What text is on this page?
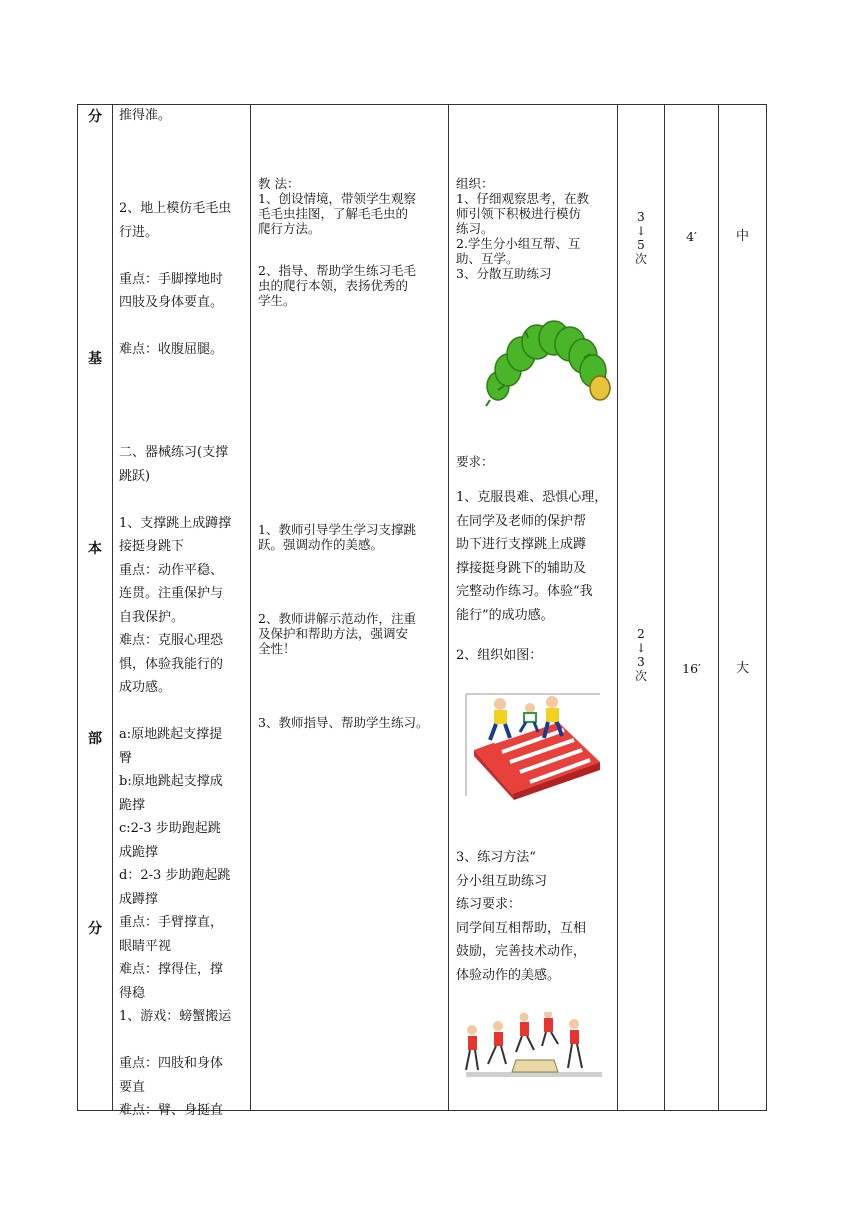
分
基
本
部
分
推得准。
2、地上模仿毛毛虫
行进。

重点：手脚撑地时
四肢及身体要直。

难点：收腹屈腿。
二、器械练习(支撑
跳跃)

1、支撑跳上成蹲撑
接挺身跳下
重点：动作平稳、
连贯。注重保护与
自我保护。
难点：克服心理恐
惧，体验我能行的
成功感。

a:原地跳起支撑提
臀
b:原地跳起支撑成
跪撑
c:2-3 步助跑起跳
成跪撑
d：2-3 步助跑起跳
成蹲撑
重点：手臂撑直，
眼睛平视
难点：撑得住，撑
得稳
1、游戏：螃蟹搬运

重点：四肢和身体
要直
难点：臂、身挺直
教 法：
1、创设情境，带领学生观察
毛毛虫挂图，了解毛毛虫的
爬行方法。
2、指导、帮助学生练习毛毛
虫的爬行本领，表扬优秀的
学生。
1、教师引导学生学习支撑跳
跃。强调动作的美感。
2、教师讲解示范动作，注重
及保护和帮助方法，强调安
全性！
3、教师指导、帮助学生练习。
组织：
1、仔细观察思考，在教
师引领下积极进行模仿
练习。
2.学生分小组互帮、互
助、互学。
3、分散互助练习
要求：
1、克服畏难、恐惧心理，
在同学及老师的保护帮
助下进行支撑跳上成蹲
撑接挺身跳下的辅助及
完整动作练习。体验“我
能行”的成功感。
2、组织如图：
3、练习方法“
分小组互助练习
练习要求：
同学间互相帮助，互相
鼓励，完善技术动作，
体验动作的美感。
3
↓
5
次
2
↓
3
次
4′
16′
中
大
